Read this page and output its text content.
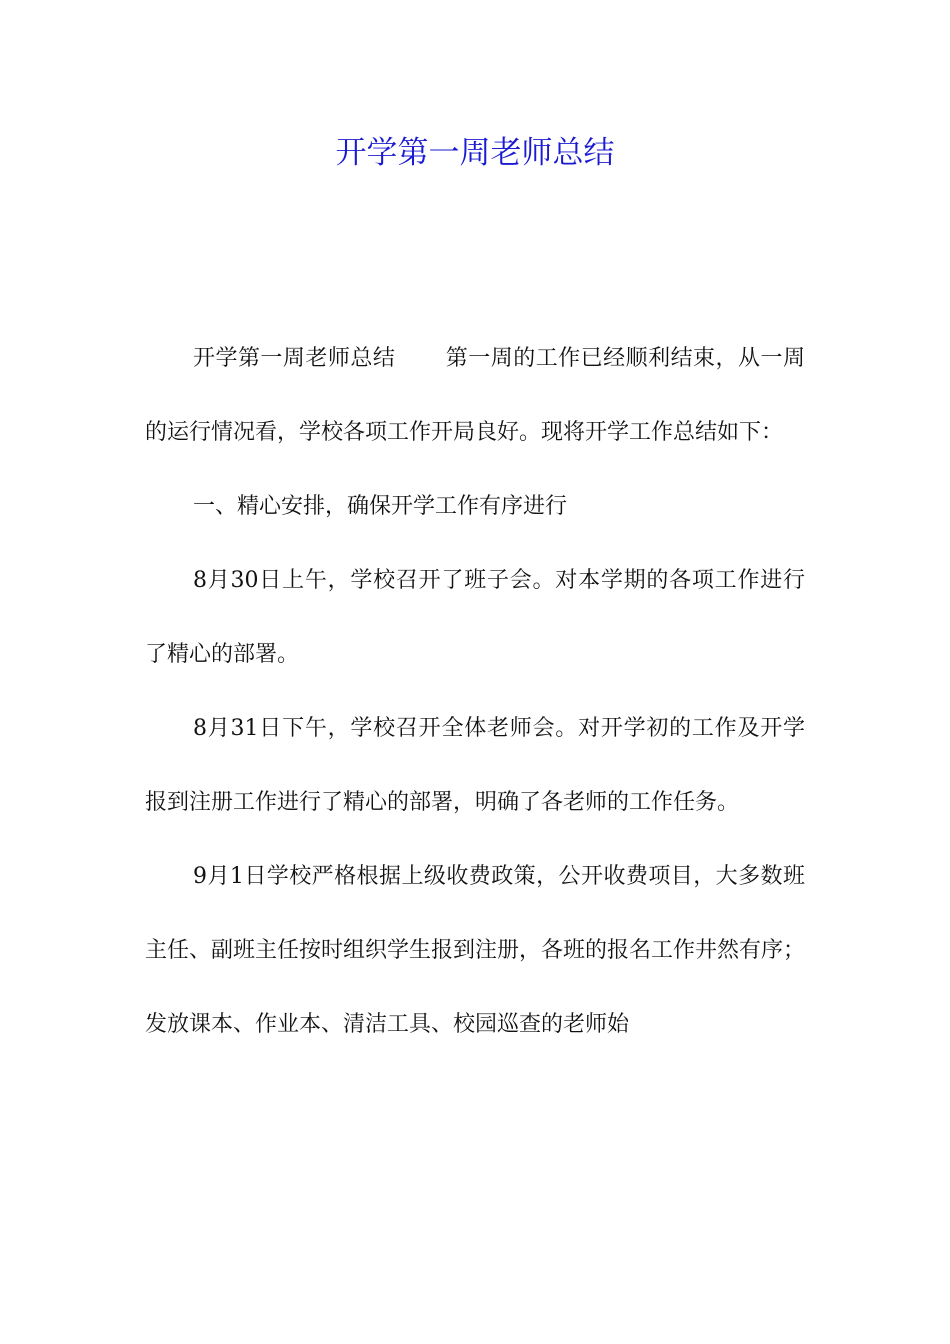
开学第一周老师总结

开学第一周老师总结 第一周的工作已经顺利结束，从一周的运行情况看，学校各项工作开局良好。现将开学工作总结如下：

一、精心安排，确保开学工作有序进行

8月30日上午，学校召开了班子会。对本学期的各项工作进行了精心的部署。

8月31日下午，学校召开全体老师会。对开学初的工作及开学报到注册工作进行了精心的部署，明确了各老师的工作任务。

9月1日学校严格根据上级收费政策，公开收费项目，大多数班主任、副班主任按时组织学生报到注册，各班的报名工作井然有序；发放课本、作业本、清洁工具、校园巡查的老师始
